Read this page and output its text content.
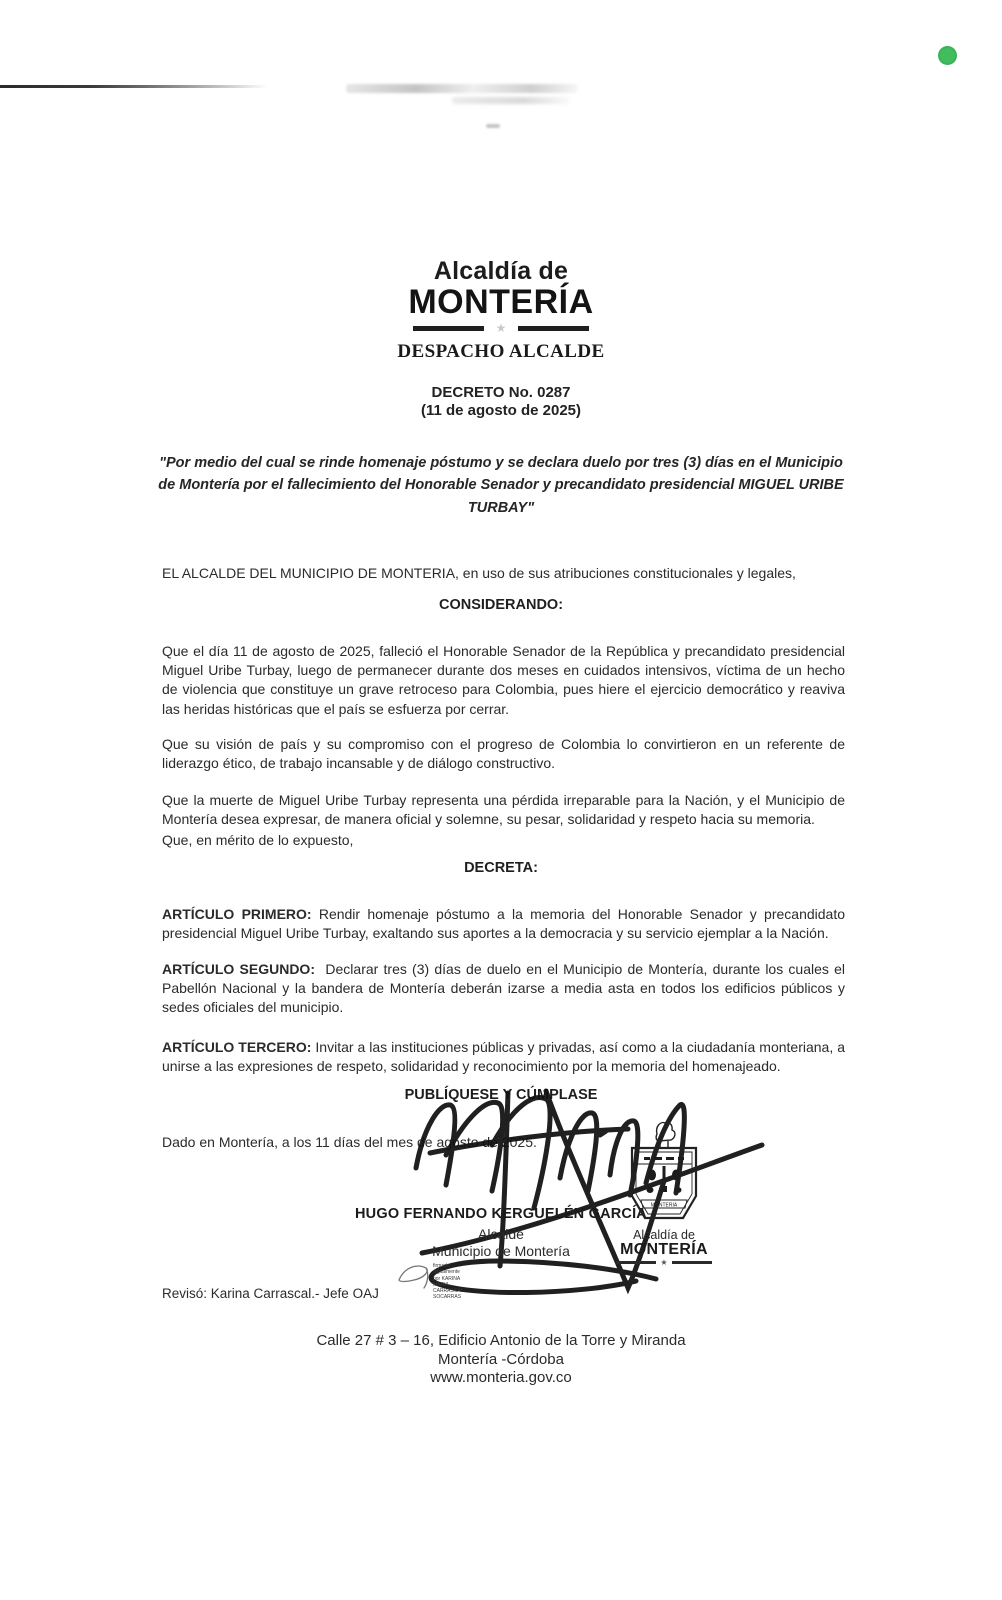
Alcaldía de
MONTERÍA
★
DESPACHO ALCALDE
DECRETO No. 0287
(11 de agosto de 2025)
"Por medio del cual se rinde homenaje póstumo y se declara duelo por tres (3) días en el Municipio de Montería por el fallecimiento del Honorable Senador y precandidato presidencial MIGUEL URIBE TURBAY"
EL ALCALDE DEL MUNICIPIO DE MONTERIA, en uso de sus atribuciones constitucionales y legales,
CONSIDERANDO:

Que el día 11 de agosto de 2025, falleció el Honorable Senador de la República y precandidato presidencial Miguel Uribe Turbay, luego de permanecer durante dos meses en cuidados intensivos, víctima de un hecho de violencia que constituye un grave retroceso para Colombia, pues hiere el ejercicio democrático y reaviva las heridas históricas que el país se esfuerza por cerrar.

Que su visión de país y su compromiso con el progreso de Colombia lo convirtieron en un referente de liderazgo ético, de trabajo incansable y de diálogo constructivo.

Que la muerte de Miguel Uribe Turbay representa una pérdida irreparable para la Nación, y el Municipio de Montería desea expresar, de manera oficial y solemne, su pesar, solidaridad y respeto hacia su memoria.

Que, en mérito de lo expuesto,
DECRETA:

ARTÍCULO PRIMERO: Rendir homenaje póstumo a la memoria del Honorable Senador y precandidato presidencial Miguel Uribe Turbay, exaltando sus aportes a la democracia y su servicio ejemplar a la Nación.

ARTÍCULO SEGUNDO: Declarar tres (3) días de duelo en el Municipio de Montería, durante los cuales el Pabellón Nacional y la bandera de Montería deberán izarse a media asta en todos los edificios públicos y sedes oficiales del municipio.

ARTÍCULO TERCERO: Invitar a las instituciones públicas y privadas, así como a la ciudadanía monteriana, a unirse a las expresiones de respeto, solidaridad y reconocimiento por la memoria del homenajeado.

PUBLÍQUESE Y CÚMPLASE
Dado en Montería, a los 11 días del mes de agosto de 2025.
HUGO FERNANDO KERGUELÉN GARCÍA
Alcalde
Municipio de Montería
MONTERIA
Alcaldía de
MONTERÍA
★
Revisó: Karina Carrascal.- Jefe OAJ
firmado
digitalmente
por KARINA
MARIA
CARRASCAL
SOCARRAS
Calle 27 # 3 – 16, Edificio Antonio de la Torre y Miranda
Montería -Córdoba
www.monteria.gov.co
